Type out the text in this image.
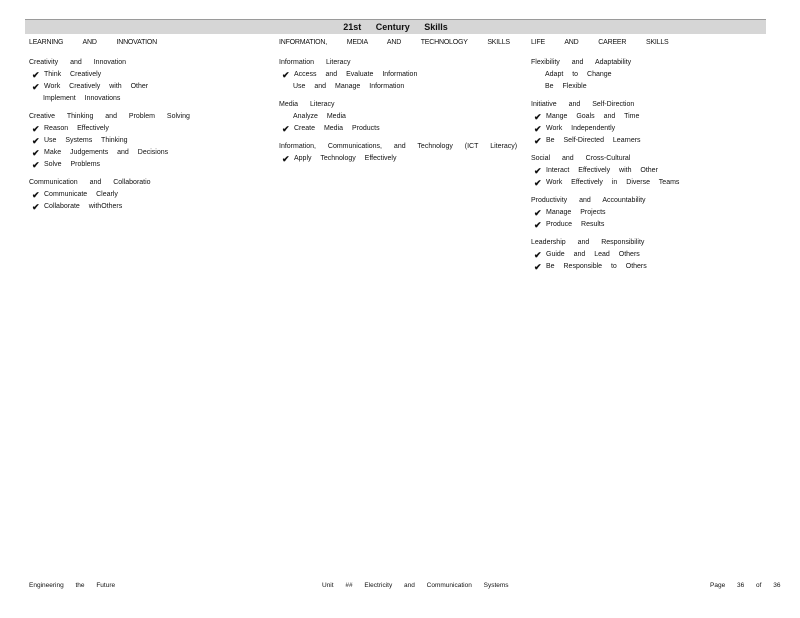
21st Century Skills
LEARNING AND INNOVATION
Creativity and Innovation
✔ Think Creatively
✔ Work Creatively with Other
Implement Innovations
Creative Thinking and Problem Solving
✔ Reason Effectively
✔ Use Systems Thinking
✔ Make Judgements and Decisions
✔ Solve Problems
Communication and Collaboratio
✔ Communicate Clearly
✔ Collaborate withOthers
INFORMATION, MEDIA AND TECHNOLOGY SKILLS
Information Literacy
✔ Access and Evaluate Information
Use and Manage Information
Media Literacy
Analyze Media
✔ Create Media Products
Information, Communications, and Technology (ICT Literacy)
✔ Apply Technology Effectively
LIFE AND CAREER SKILLS
Flexibility and Adaptability
Adapt to Change
Be Flexible
Initiative and Self-Direction
✔ Mange Goals and Time
✔ Work Independently
✔ Be Self-Directed Learners
Social and Cross-Cultural
✔ Interact Effectively with Other
✔ Work Effectively in Diverse Teams
Productivity and Accountability
✔ Manage Projects
✔ Produce Results
Leadership and Responsibility
✔ Guide and Lead Others
✔ Be Responsible to Others
Engineering the Future	Unit ## Electricity and Communication Systems	Page 36 of 36
